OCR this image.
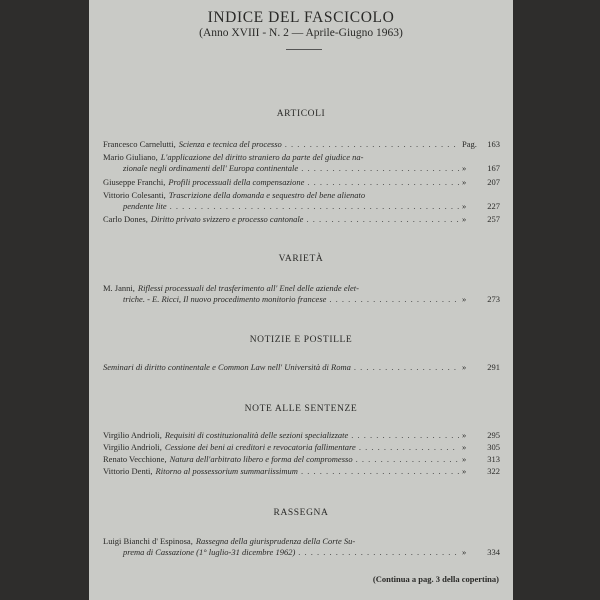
INDICE DEL FASCICOLO
(Anno XVIII - N. 2 — Aprile-Giugno 1963)
ARTICOLI
Francesco Carnelutti, Scienza e tecnica del processo . . .	Pag. 163
Mario Giuliano, L'applicazione del diritto straniero da parte del giudice na-
zionale negli ordinamenti dell' Europa continentale . . .	» 167
Giuseppe Franchi, Profili processuali della compensazione . . .	» 207
Vittorio Colesanti, Trascrizione della domanda e sequestro del bene alienato
pendente lite . . .	» 227
Carlo Dones, Diritto privato svizzero e processo cantonale . . .	» 257
VARIETÀ
M. Janni, Riflessi processuali del trasferimento all' Enel delle aziende elet-
triche. - E. Ricci, Il nuovo procedimento monitorio francese . . .	» 273
NOTIZIE E POSTILLE
Seminari di diritto continentale e Common Law nell' Università di Roma . . .	» 291
NOTE ALLE SENTENZE
Virgilio Andrioli, Requisiti di costituzionalità delle sezioni specializzate . . .	» 295
Virgilio Andrioli, Cessione dei beni ai creditori e revocatoria fallimentare . . .	» 305
Renato Vecchione, Natura dell'arbitrato libero e forma del compromesso . . .	» 313
Vittorio Denti, Ritorno al possessorium summariissimum . . .	» 322
RASSEGNA
Luigi Bianchi d' Espinosa, Rassegna della giurisprudenza della Corte Su-
prema di Cassazione (1° luglio-31 dicembre 1962) . . .	» 334
(Continua a pag. 3 della copertina)
